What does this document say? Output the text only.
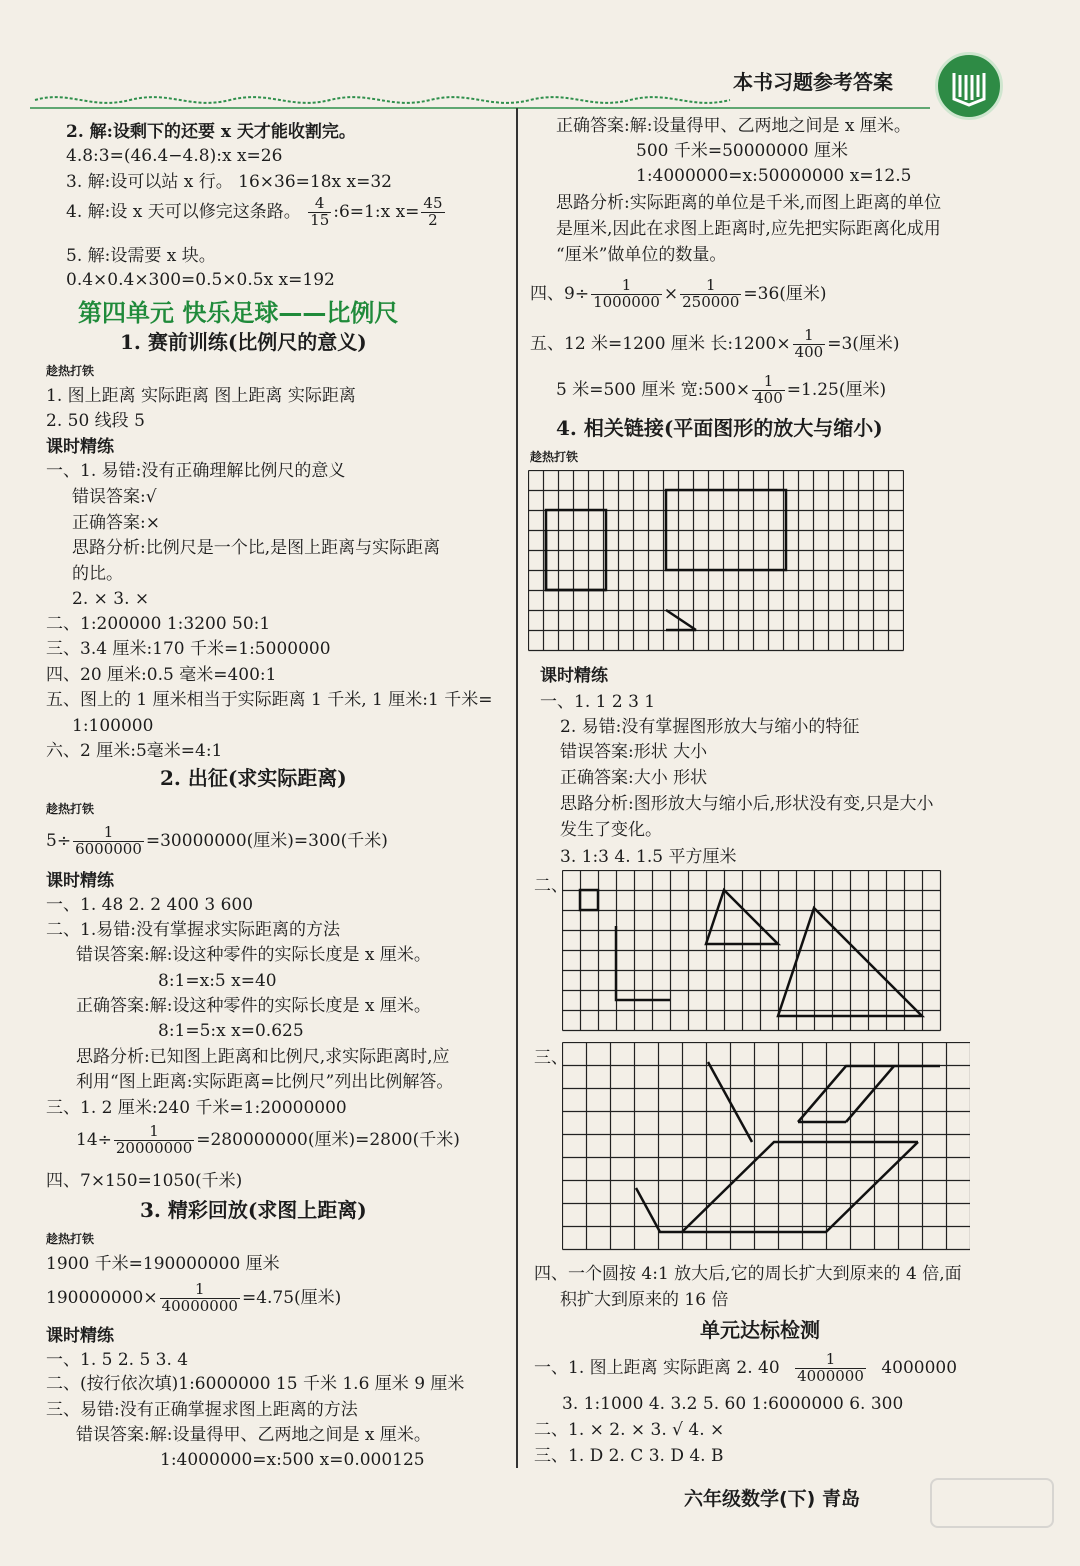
本书习题参考答案
2. 解:设剩下的还要 x 天才能收割完。
4.8:3=(46.4−4.8):x x=26
3. 解:设可以站 x 行。 16×36=18x x=32
4. 解:设 x 天可以修完这条路。 $\frac{4}{15}$ :6=1:x $x= \frac{45}{2}$
5. 解:设需要 x 块。
0.4×0.4×300=0.5×0.5x x=192
第四单元 快乐足球——比例尺
1. 赛前训练(比例尺的意义)
趁热打铁
1. 图上距离 实际距离 图上距离 实际距离
2. 50 线段 5
课时精练
一、1. 易错:没有正确理解比例尺的意义
错误答案:√
正确答案:×
思路分析:比例尺是一个比,是图上距离与实际距离
的比。
2. × 3. ×
二、1:200000 1:3200 50:1
三、3.4 厘米:170 千米=1:5000000
四、20 厘米:0.5 毫米=400:1
五、图上的 1 厘米相当于实际距离 1 千米, 1 厘米:1 千米=
1:100000
六、2 厘米:5毫米=4:1
2. 出征(求实际距离)
趁热打铁
$5\div \frac{1}{6000000} =30000000$(厘米)=300(千米)
课时精练
一、1. 48 2. 2 400 3 600
二、1.易错:没有掌握求实际距离的方法
错误答案:解:设这种零件的实际长度是 x 厘米。
8:1=x:5 x=40
正确答案:解:设这种零件的实际长度是 x 厘米。
8:1=5:x x=0.625
思路分析:已知图上距离和比例尺,求实际距离时,应
利用“图上距离:实际距离=比例尺”列出比例解答。
三、1. 2 厘米:240 千米=1:20000000
$14\div \frac{1}{20000000} =280000000$(厘米)=2800(千米)
四、7×150=1050(千米)
3. 精彩回放(求图上距离)
趁热打铁
1900 千米=190000000 厘米
$190000000\times \frac{1}{40000000} =4.75$(厘米)
课时精练
一、1. 5 2. 5 3. 4
二、(按行依次填)1:6000000 15 千米 1.6 厘米 9 厘米
三、易错:没有正确掌握求图上距离的方法
错误答案:解:设量得甲、乙两地之间是 x 厘米。
1:4000000=x:500 x=0.000125
正确答案:解:设量得甲、乙两地之间是 x 厘米。
500 千米=50000000 厘米
1:4000000=x:50000000 x=12.5
思路分析:实际距离的单位是千米,而图上距离的单位
是厘米,因此在求图上距离时,应先把实际距离化成用
“厘米”做单位的数量。
四、$9\div \frac{1}{1000000} \times \frac{1}{250000} =36$(厘米)
五、12 米=1200 厘米 长:1200× $\frac{1}{400} =3$(厘米)
5 米=500 厘米 宽:500× $\frac{1}{400} =1.25$(厘米)
4. 相关链接(平面图形的放大与缩小)
趁热打铁
课时精练
一、1. 1 2 3 1
2. 易错:没有掌握图形放大与缩小的特征
错误答案:形状 大小
正确答案:大小 形状
思路分析:图形放大与缩小后,形状没有变,只是大小
发生了变化。
3. 1:3 4. 1.5 平方厘米
二、
三、
四、一个圆按 4:1 放大后,它的周长扩大到原来的 4 倍,面
积扩大到原来的 16 倍
单元达标检测
一、1. 图上距离 实际距离 2. $40 \frac{1}{4000000} 4000000$
3. 1:1000 4. 3.2 5. 60 1:6000000 6. 300
二、1. × 2. × 3. √ 4. ×
三、1. D 2. C 3. D 4. B
六年级数学(下) 青岛
